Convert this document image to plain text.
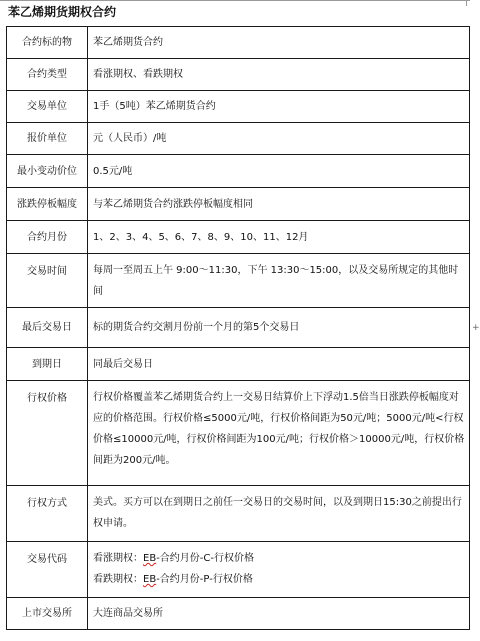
+
苯乙烯期货期权合约
合约标的物	苯乙烯期货合约
合约类型	看涨期权、看跌期权
交易单位	1手（5吨）苯乙烯期货合约
报价单位	元（人民币）/吨
最小变动价位	0.5元/吨
涨跌停板幅度	与苯乙烯期货合约涨跌停板幅度相同
合约月份	1、2、3、4、5、6、7、8、9、10、11、12月
交易时间	每周一至周五上午 9:00～11:30，下午 13:30～15:00，以及交易所规定的其他时间
最后交易日	标的期货合约交割月份前一个月的第5个交易日
到期日	同最后交易日
行权价格	行权价格覆盖苯乙烯期货合约上一交易日结算价上下浮动1.5倍当日涨跌停板幅度对应的价格范围。行权价格≤5000元/吨，行权价格间距为50元/吨；5000元/吨<行权价格≤10000元/吨，行权价格间距为100元/吨；行权价格＞10000元/吨，行权价格间距为200元/吨。
行权方式	美式。买方可以在到期日之前任一交易日的交易时间，以及到期日15:30之前提出行权申请。
交易代码	看涨期权：EB-合约月份-C-行权价格
看跌期权：EB-合约月份-P-行权价格

上市交易所	大连商品交易所
